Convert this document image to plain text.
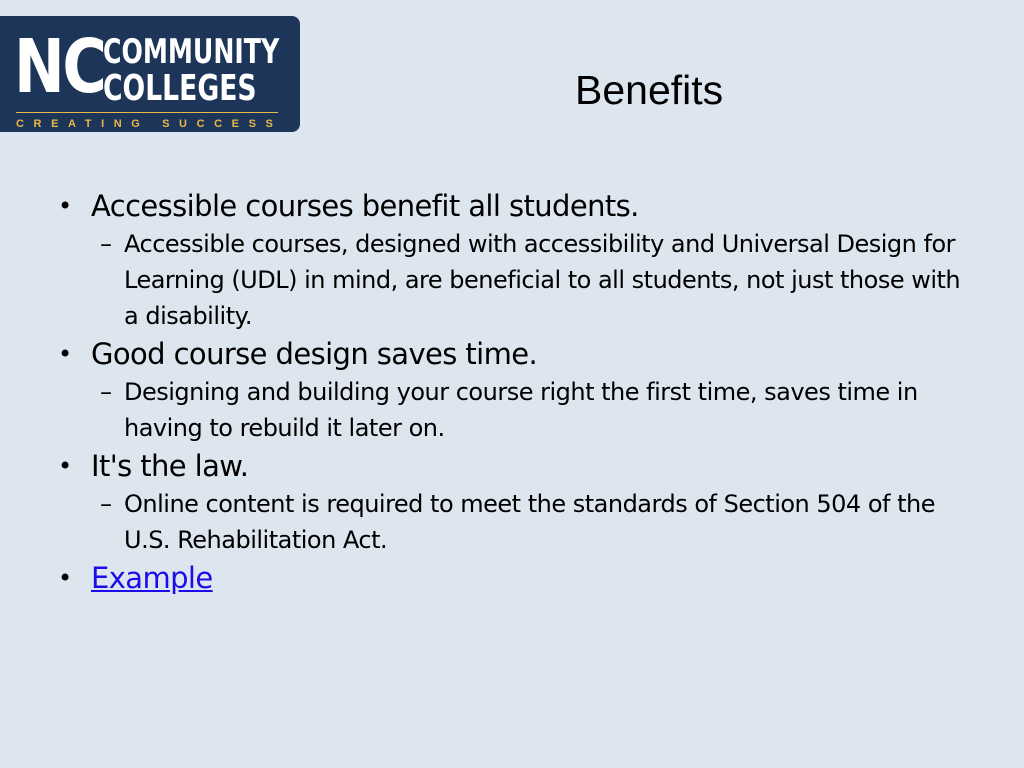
NC
COMMUNITY
COLLEGES
CREATING SUCCESS
Benefits
• Accessible courses benefit all students.
– Accessible courses, designed with accessibility and Universal Design for Learning (UDL) in mind, are beneficial to all students, not just those with a disability.
• Good course design saves time.
– Designing and building your course right the first time, saves time in having to rebuild it later on.
• It's the law.
– Online content is required to meet the standards of Section 504 of the U.S. Rehabilitation Act.
• Example
